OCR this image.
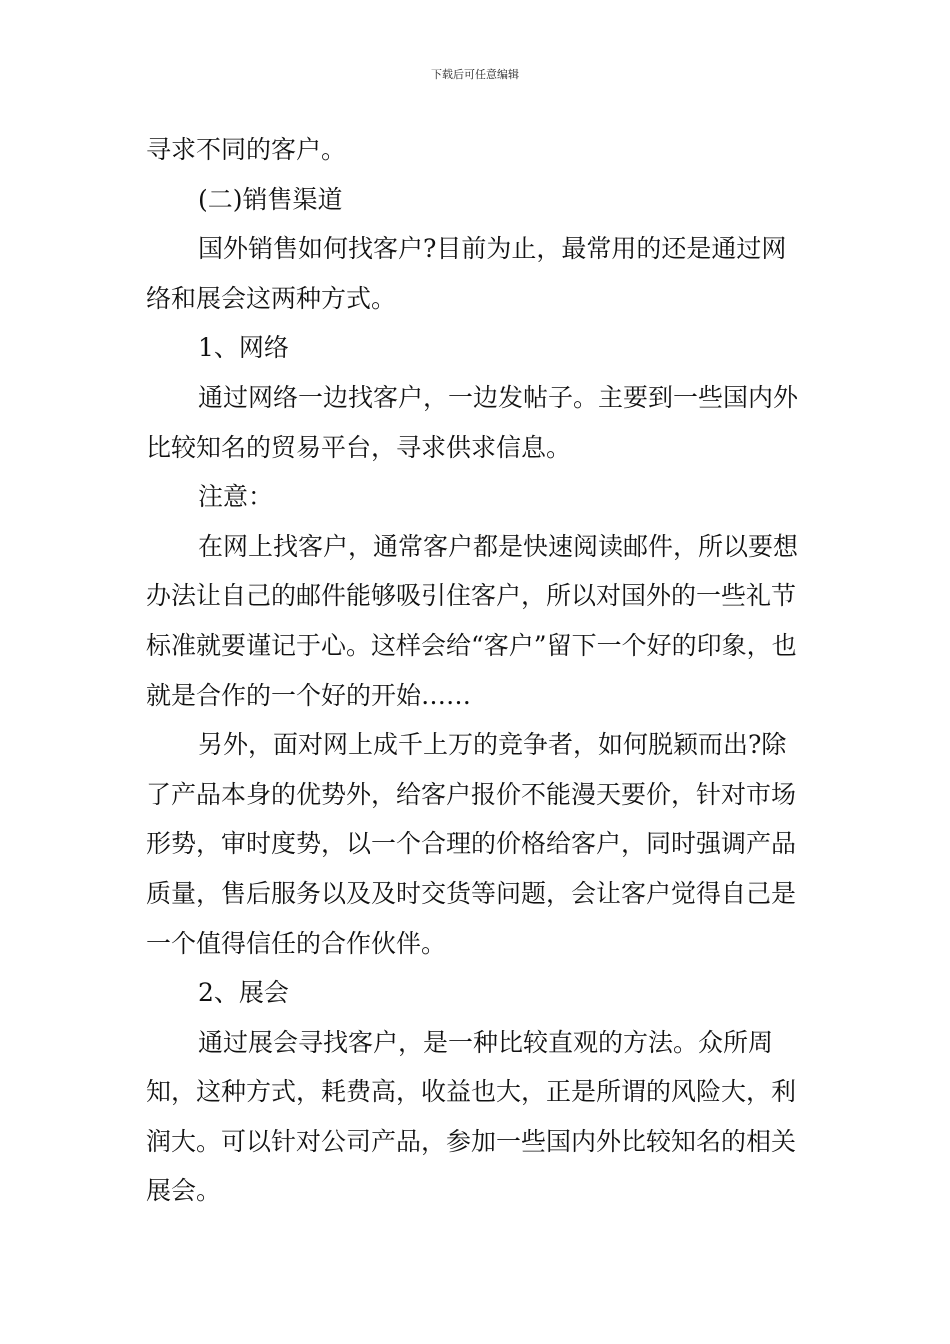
下载后可任意编辑

寻求不同的客户。

(二)销售渠道

国外销售如何找客户?目前为止，最常用的还是通过网络和展会这两种方式。

1、网络

通过网络一边找客户，一边发帖子。主要到一些国内外比较知名的贸易平台，寻求供求信息。

注意：

在网上找客户，通常客户都是快速阅读邮件，所以要想办法让自己的邮件能够吸引住客户，所以对国外的一些礼节标准就要谨记于心。这样会给“客户”留下一个好的印象，也就是合作的一个好的开始……

另外，面对网上成千上万的竞争者，如何脱颖而出?除了产品本身的优势外，给客户报价不能漫天要价，针对市场形势，审时度势，以一个合理的价格给客户，同时强调产品质量，售后服务以及及时交货等问题，会让客户觉得自己是一个值得信任的合作伙伴。

2、展会

通过展会寻找客户，是一种比较直观的方法。众所周知，这种方式，耗费高，收益也大，正是所谓的风险大，利润大。可以针对公司产品，参加一些国内外比较知名的相关展会。
